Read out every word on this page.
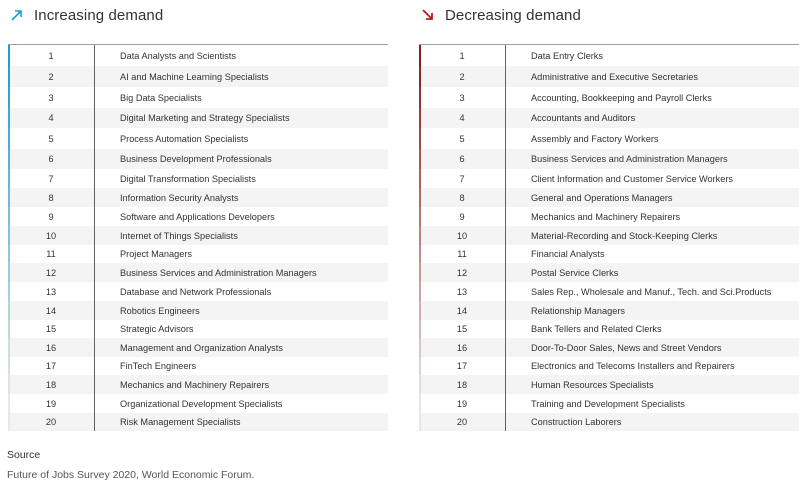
Increasing demand
1	Data Analysts and Scientists
2	AI and Machine Learning Specialists
3	Big Data Specialists
4	Digital Marketing and Strategy Specialists
5	Process Automation Specialists
6	Business Development Professionals
7	Digital Transformation Specialists
8	Information Security Analysts
9	Software and Applications Developers
10	Internet of Things Specialists
11	Project Managers
12	Business Services and Administration Managers
13	Database and Network Professionals
14	Robotics Engineers
15	Strategic Advisors
16	Management and Organization Analysts
17	FinTech Engineers
18	Mechanics and Machinery Repairers
19	Organizational Development Specialists
20	Risk Management Specialists
Decreasing demand
1	Data Entry Clerks
2	Administrative and Executive Secretaries
3	Accounting, Bookkeeping and Payroll Clerks
4	Accountants and Auditors
5	Assembly and Factory Workers
6	Business Services and Administration Managers
7	Client Information and Customer Service Workers
8	General and Operations Managers
9	Mechanics and Machinery Repairers
10	Material-Recording and Stock-Keeping Clerks
11	Financial Analysts
12	Postal Service Clerks
13	Sales Rep., Wholesale and Manuf., Tech. and Sci.Products
14	Relationship Managers
15	Bank Tellers and Related Clerks
16	Door-To-Door Sales, News and Street Vendors
17	Electronics and Telecoms Installers and Repairers
18	Human Resources Specialists
19	Training and Development Specialists
20	Construction Laborers
Source
Future of Jobs Survey 2020, World Economic Forum.
